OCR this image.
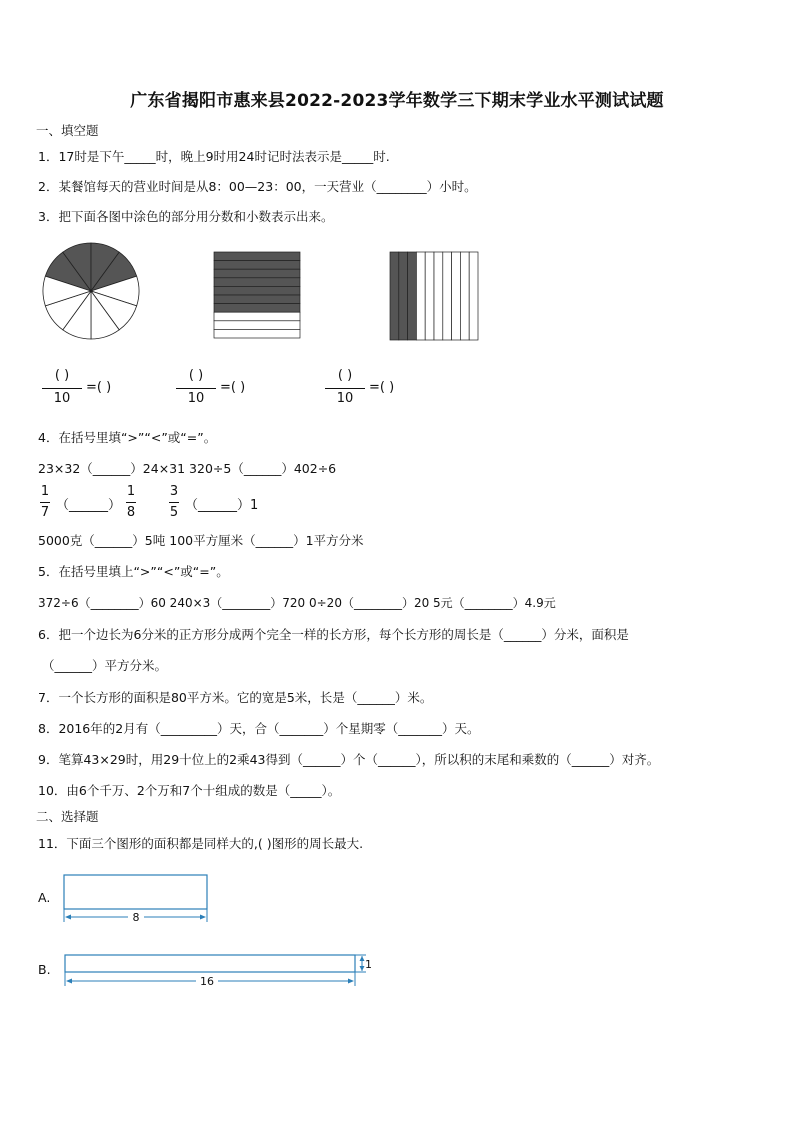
广东省揭阳市惠来县2022-2023学年数学三下期末学业水平测试试题
一、填空题
1．17时是下午_____时，晚上9时用24时记时法表示是_____时.
2．某餐馆每天的营业时间是从8：00—23：00，一天营业（________）小时。
3．把下面各图中涂色的部分用分数和小数表示出来。
( )
10
=( )
( )
10
=( )
( )
10
=( )
4．在括号里填“>”“<”或“=”。
23×32（______）24×31 320÷5（______）402÷6
1
7 （______）
1
8
3
5 （______）1
5000克（______）5吨 100平方厘米（______）1平方分米
5．在括号里填上“>”“<”或“=”。
372÷6（________）60 240×3（________）720 0÷20（________）20 5元（________）4.9元
6．把一个边长为6分米的正方形分成两个完全一样的长方形，每个长方形的周长是（______）分米，面积是
（______）平方分米。
7．一个长方形的面积是80平方米。它的宽是5米，长是（______）米。
8．2016年的2月有（_________）天，合（_______）个星期零（_______）天。
9．笔算43×29时，用29十位上的2乘43得到（______）个（______），所以积的末尾和乘数的（______）对齐。
10．由6个千万、2个万和7个十组成的数是（_____）。
二、选择题
11．下面三个图形的面积都是同样大的,( )图形的周长最大.
A.
8
B.
16
1
